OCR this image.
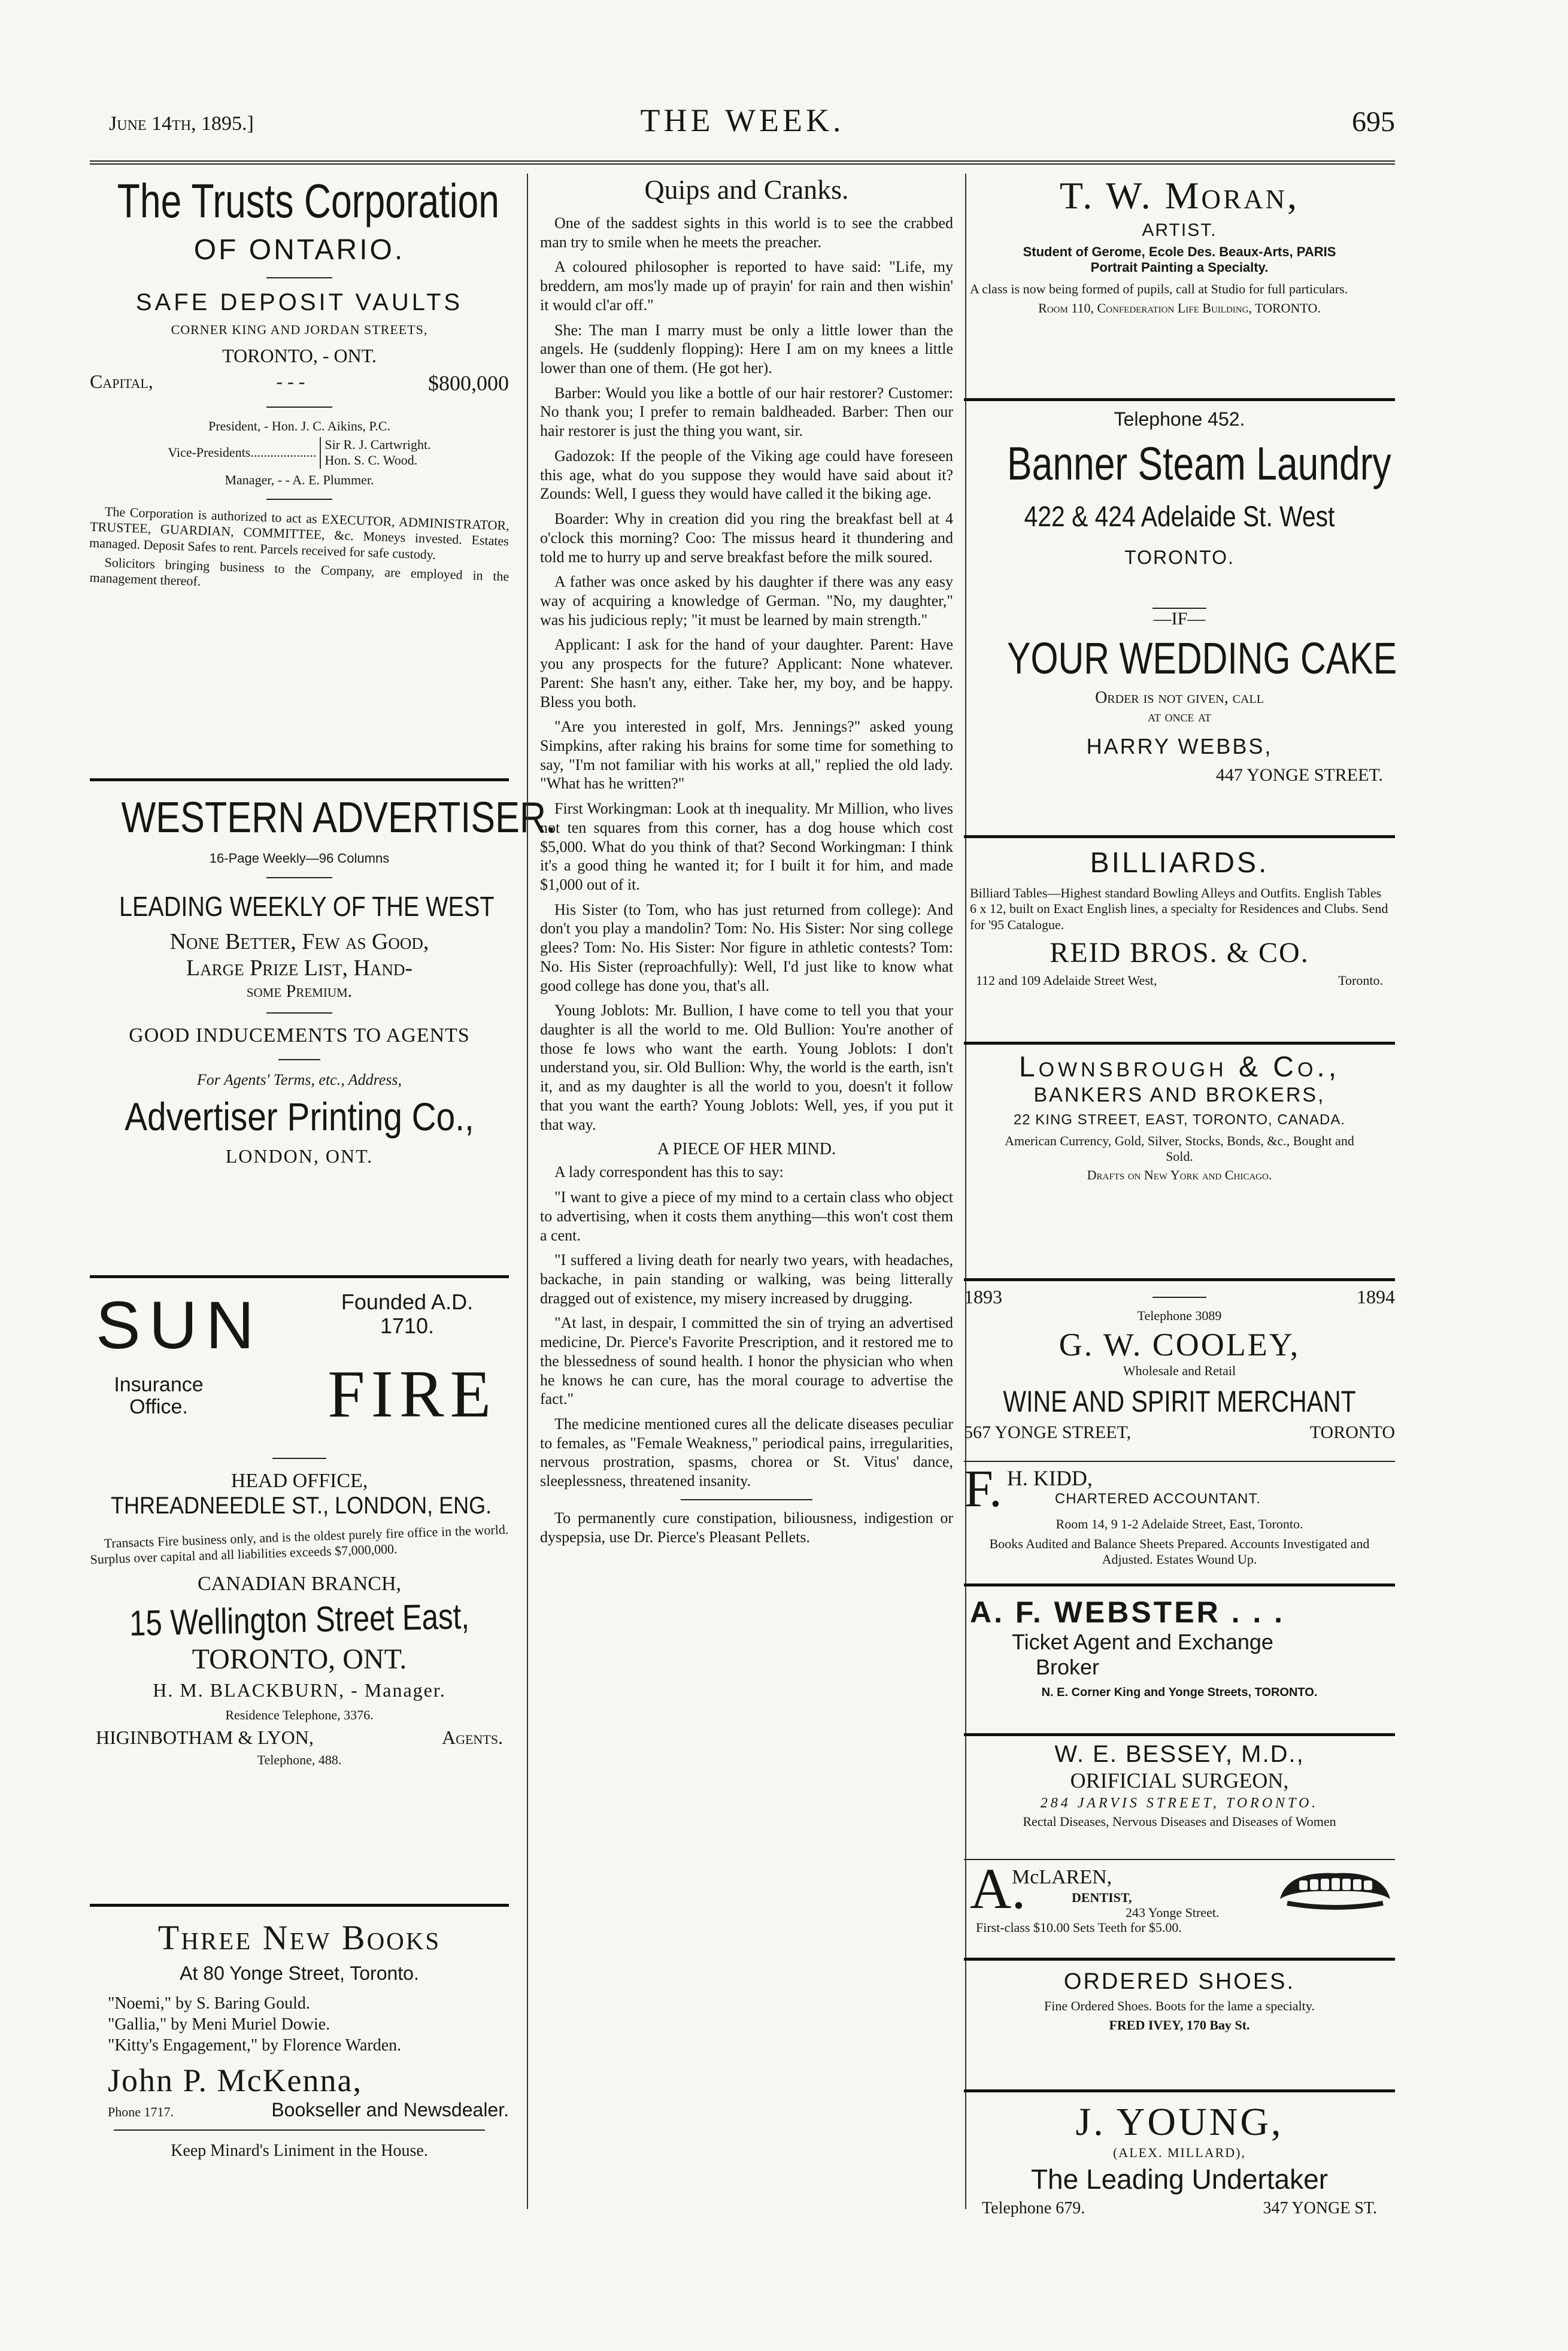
June 14th, 1895.]	THE WEEK.	695
The Trusts Corporation
OF ONTARIO.
SAFE DEPOSIT VAULTS
CORNER KING AND JORDAN STREETS,
TORONTO, - ONT.
Capital,	- - -	$800,000
President, - Hon. J. C. Aikins, P.C.
Vice-Presidents....................
Sir R. J. Cartwright.
Hon. S. C. Wood.
Manager, - - A. E. Plummer.
The Corporation is authorized to act as EXECUTOR, ADMINISTRATOR, TRUSTEE, GUARDIAN, COMMITTEE, &c. Moneys invested. Estates managed. Deposit Safes to rent. Parcels received for safe custody.
Solicitors bringing business to the Company, are employed in the management thereof.
WESTERN ADVERTISER.
16-Page Weekly—96 Columns
LEADING WEEKLY OF THE WEST
None Better, Few as Good,
Large Prize List, Hand-
some Premium.
GOOD INDUCEMENTS TO AGENTS
For Agents' Terms, etc., Address,
Advertiser Printing Co.,
LONDON, ONT.
SUN	Founded A.D. 1710.
Insurance Office. FIRE
HEAD OFFICE,
THREADNEEDLE ST., LONDON, ENG.
Transacts Fire business only, and is the oldest purely fire office in the world. Surplus over capital and all liabilities exceeds $7,000,000.
CANADIAN BRANCH,
15 Wellington Street East,
TORONTO, ONT.
H. M. BLACKBURN, - Manager.
Residence Telephone, 3376.
HIGINBOTHAM & LYON,	Agents.
Telephone, 488.
Three New Books
At 80 Yonge Street, Toronto.
"Noemi," by S. Baring Gould.
"Gallia," by Meni Muriel Dowie.
"Kitty's Engagement," by Florence Warden.
John P. McKenna,
Phone 1717.	Bookseller and Newsdealer.
Keep Minard's Liniment in the House.
Quips and Cranks.

One of the saddest sights in this world is to see the crabbed man try to smile when he meets the preacher.

A coloured philosopher is reported to have said: "Life, my breddern, am mos'ly made up of prayin' for rain and then wishin' it would cl'ar off."

She: The man I marry must be only a little lower than the angels. He (suddenly flopping): Here I am on my knees a little lower than one of them. (He got her).

Barber: Would you like a bottle of our hair restorer? Customer: No thank you; I prefer to remain baldheaded. Barber: Then our hair restorer is just the thing you want, sir.

Gadozok: If the people of the Viking age could have foreseen this age, what do you suppose they would have said about it? Zounds: Well, I guess they would have called it the biking age.

Boarder: Why in creation did you ring the breakfast bell at 4 o'clock this morning? Coo: The missus heard it thundering and told me to hurry up and serve breakfast before the milk soured.

A father was once asked by his daughter if there was any easy way of acquiring a knowledge of German. "No, my daughter," was his judicious reply; "it must be learned by main strength."

Applicant: I ask for the hand of your daughter. Parent: Have you any prospects for the future? Applicant: None whatever. Parent: She hasn't any, either. Take her, my boy, and be happy. Bless you both.

"Are you interested in golf, Mrs. Jennings?" asked young Simpkins, after raking his brains for some time for something to say, "I'm not familiar with his works at all," replied the old lady. "What has he written?"

First Workingman: Look at th inequality. Mr Million, who lives not ten squares from this corner, has a dog house which cost $5,000. What do you think of that? Second Workingman: I think it's a good thing he wanted it; for I built it for him, and made $1,000 out of it.

His Sister (to Tom, who has just returned from college): And don't you play a mandolin? Tom: No. His Sister: Nor sing college glees? Tom: No. His Sister: Nor figure in athletic contests? Tom: No. His Sister (reproachfully): Well, I'd just like to know what good college has done you, that's all.

Young Joblots: Mr. Bullion, I have come to tell you that your daughter is all the world to me. Old Bullion: You're another of those fe lows who want the earth. Young Joblots: I don't understand you, sir. Old Bullion: Why, the world is the earth, isn't it, and as my daughter is all the world to you, doesn't it follow that you want the earth? Young Joblots: Well, yes, if you put it that way.

A PIECE OF HER MIND.

A lady correspondent has this to say:

"I want to give a piece of my mind to a certain class who object to advertising, when it costs them anything—this won't cost them a cent.

"I suffered a living death for nearly two years, with headaches, backache, in pain standing or walking, was being litterally dragged out of existence, my misery increased by drugging.

"At last, in despair, I committed the sin of trying an advertised medicine, Dr. Pierce's Favorite Prescription, and it restored me to the blessedness of sound health. I honor the physician who when he knows he can cure, has the moral courage to advertise the fact."

The medicine mentioned cures all the delicate diseases peculiar to females, as "Female Weakness," periodical pains, irregularities, nervous prostration, spasms, chorea or St. Vitus' dance, sleeplessness, threatened insanity.

To permanently cure constipation, biliousness, indigestion or dyspepsia, use Dr. Pierce's Pleasant Pellets.

T. W. Moran,
ARTIST.
Student of Gerome, Ecole Des. Beaux-Arts, PARIS
Portrait Painting a Specialty.
A class is now being formed of pupils, call at Studio for full particulars.
Room 110, Confederation Life Building, TORONTO.
Telephone 452.
Banner Steam Laundry
422 & 424 Adelaide St. West
TORONTO.
—IF—
YOUR WEDDING CAKE
Order is not given, call
at once at
HARRY WEBBS,
447 YONGE STREET.
BILLIARDS.
Billiard Tables—Highest standard Bowling Alleys and Outfits. English Tables 6 x 12, built on Exact English lines, a specialty for Residences and Clubs. Send for '95 Catalogue.
REID BROS. & CO.
112 and 109 Adelaide Street West,	Toronto.
Lownsbrough & Co.,
BANKERS AND BROKERS,
22 KING STREET, EAST, TORONTO, CANADA.
American Currency, Gold, Silver, Stocks, Bonds, &c., Bought and Sold.
Drafts on New York and Chicago.
1893	1894
Telephone 3089
G. W. COOLEY,
Wholesale and Retail
WINE AND SPIRIT MERCHANT
567 YONGE STREET,	TORONTO
F. H. KIDD,
CHARTERED ACCOUNTANT.
Room 14, 9 1-2 Adelaide Street, East, Toronto.
Books Audited and Balance Sheets Prepared. Accounts Investigated and Adjusted. Estates Wound Up.
A. F. WEBSTER . . .
Ticket Agent and Exchange
Broker
N. E. Corner King and Yonge Streets, TORONTO.
W. E. BESSEY, M.D.,
ORIFICIAL SURGEON,
284 JARVIS STREET, TORONTO.
Rectal Diseases, Nervous Diseases and Diseases of Women
A.
McLAREN,
DENTIST,
243 Yonge Street.
First-class $10.00 Sets Teeth for $5.00.
ORDERED SHOES.
Fine Ordered Shoes. Boots for the lame a specialty.
FRED IVEY, 170 Bay St.
J. YOUNG,
(ALEX. MILLARD),
The Leading Undertaker
Telephone 679.	347 YONGE ST.
